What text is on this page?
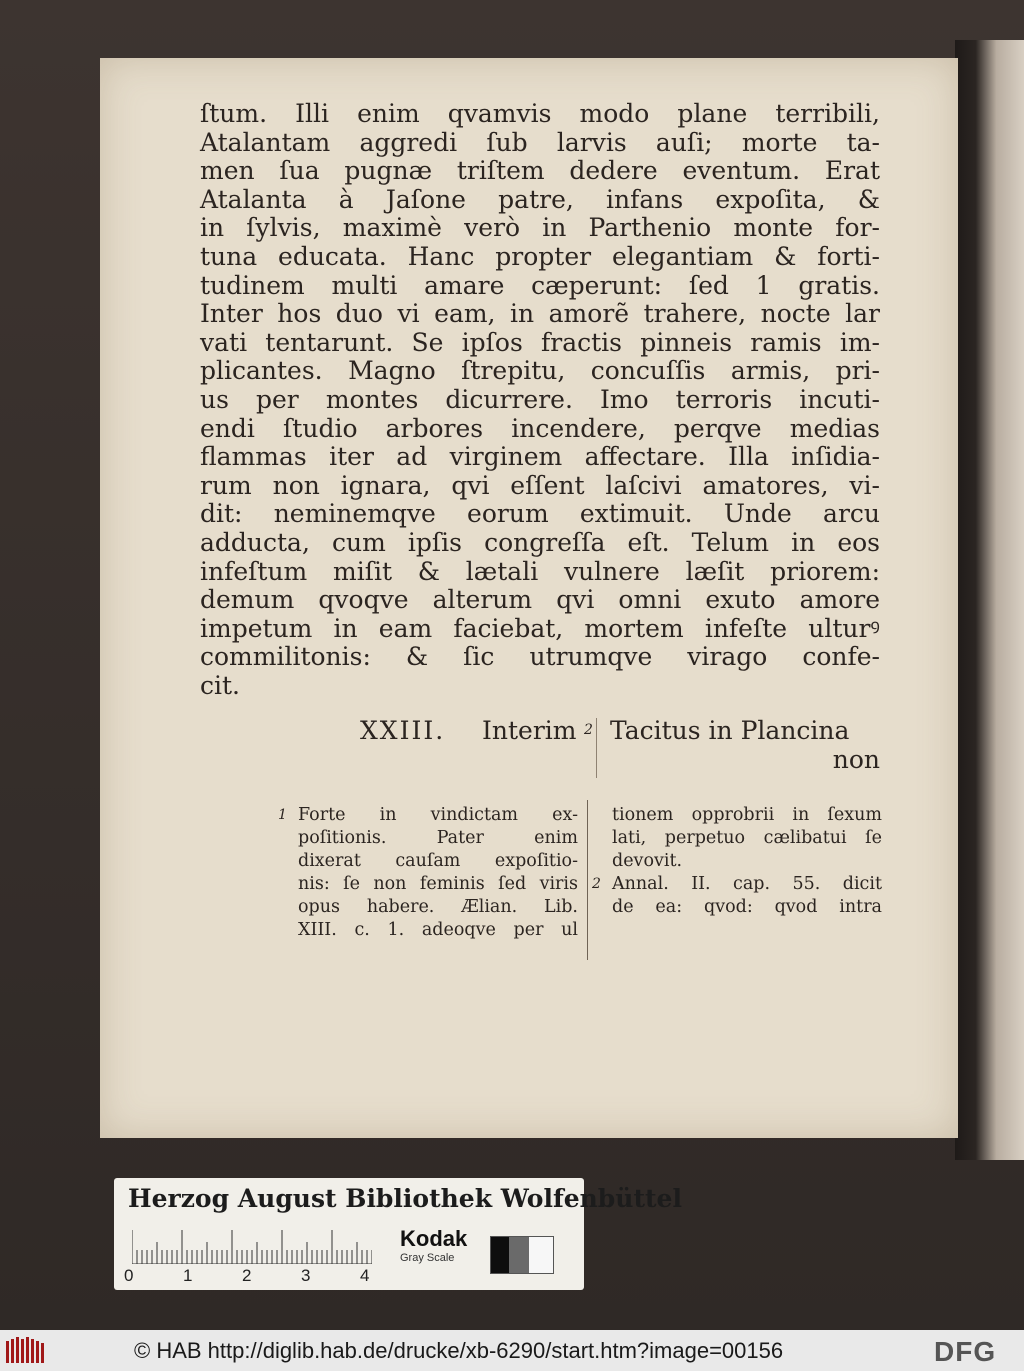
ſtum. Illi enim qvamvis modo plane terribili,
Atalantam aggredi ſub larvis auſi; morte ta-
men ſua pugnæ triſtem dedere eventum. Erat
Atalanta à Jaſone patre, infans expoſita, &
in ſylvis, maximè verò in Parthenio monte for-
tuna educata. Hanc propter elegantiam & forti-
tudinem multi amare cæperunt: ſed 1 gratis.
Inter hos duo vi eam, in amorẽ trahere, nocte lar
vati tentarunt. Se ipſos fractis pinneis ramis im-
plicantes. Magno ſtrepitu, concuſſis armis, pri-
us per montes dicurrere. Imo terroris incuti-
endi ſtudio arbores incendere, perqve medias
flammas iter ad virginem affectare. Illa inſidia-
rum non ignara, qvi eſſent laſcivi amatores, vi-
dit: neminemqve eorum extimuit. Unde arcu
adducta, cum ipſis congreſſa eſt. Telum in eos
infeſtum miſit & lætali vulnere læſit priorem:
demum qvoqve alterum qvi omni exuto amore
impetum in eam faciebat, mortem infeſte ulturꝰ
commilitonis: & ſic utrumqve virago confe-
cit.
XXIII. Interim 2 Tacitus in Plancina
non
1 Forte in vindictam ex-
poſitionis. Pater enim
dixerat cauſam expoſitio-
nis: ſe non feminis ſed viris
opus habere. Ælian. Lib.
XIII. c. 1. adeoqve per ul
tionem opprobrii in ſexum
lati, perpetuo cælibatui ſe
devovit.
2 Annal. II. cap. 55. dicit
de ea: qvod: qvod intra
Herzog August Bibliothek Wolfenbüttel
0	1	2	3	4
Kodak
Gray Scale
© HAB http://diglib.hab.de/drucke/xb-6290/start.htm?image=00156	DFG
